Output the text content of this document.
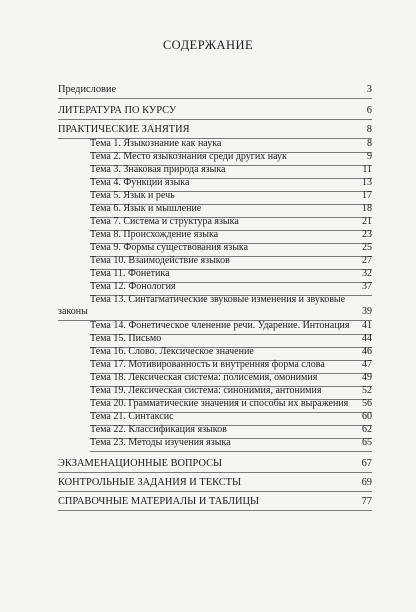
СОДЕРЖАНИЕ
Предисловие	3
ЛИТЕРАТУРА ПО КУРСУ	6
ПРАКТИЧЕСКИЕ ЗАНЯТИЯ	8
Тема 1. Языкознание как наука	8
Тема 2. Место языкознания среди других наук	9
Тема 3. Знаковая природа языка	11
Тема 4. Функции языка	13
Тема 5. Язык и речь	17
Тема 6. Язык и мышление	18
Тема 7. Система и структура языка	21
Тема 8. Происхождение языка	23
Тема 9. Формы существования языка	25
Тема 10. Взаимодействие языков	27
Тема 11. Фонетика	32
Тема 12. Фонология	37
Тема 13. Синтагматические звуковые изменения и звуковые
законы	39
Тема 14. Фонетическое членение речи. Ударение. Интонация	41
Тема 15. Письмо	44
Тема 16. Слово. Лексическое значение	46
Тема 17. Мотивированность и внутренняя форма слова	47
Тема 18. Лексическая система: полисемия, омонимия	49
Тема 19. Лексическая система: синонимия, антонимия	52
Тема 20. Грамматические значения и способы их выражения	56
Тема 21. Синтаксис	60
Тема 22. Классификация языков	62
Тема 23. Методы изучения языка	65
ЭКЗАМЕНАЦИОННЫЕ ВОПРОСЫ	67
КОНТРОЛЬНЫЕ ЗАДАНИЯ И ТЕКСТЫ	69
СПРАВОЧНЫЕ МАТЕРИАЛЫ И ТАБЛИЦЫ	77
